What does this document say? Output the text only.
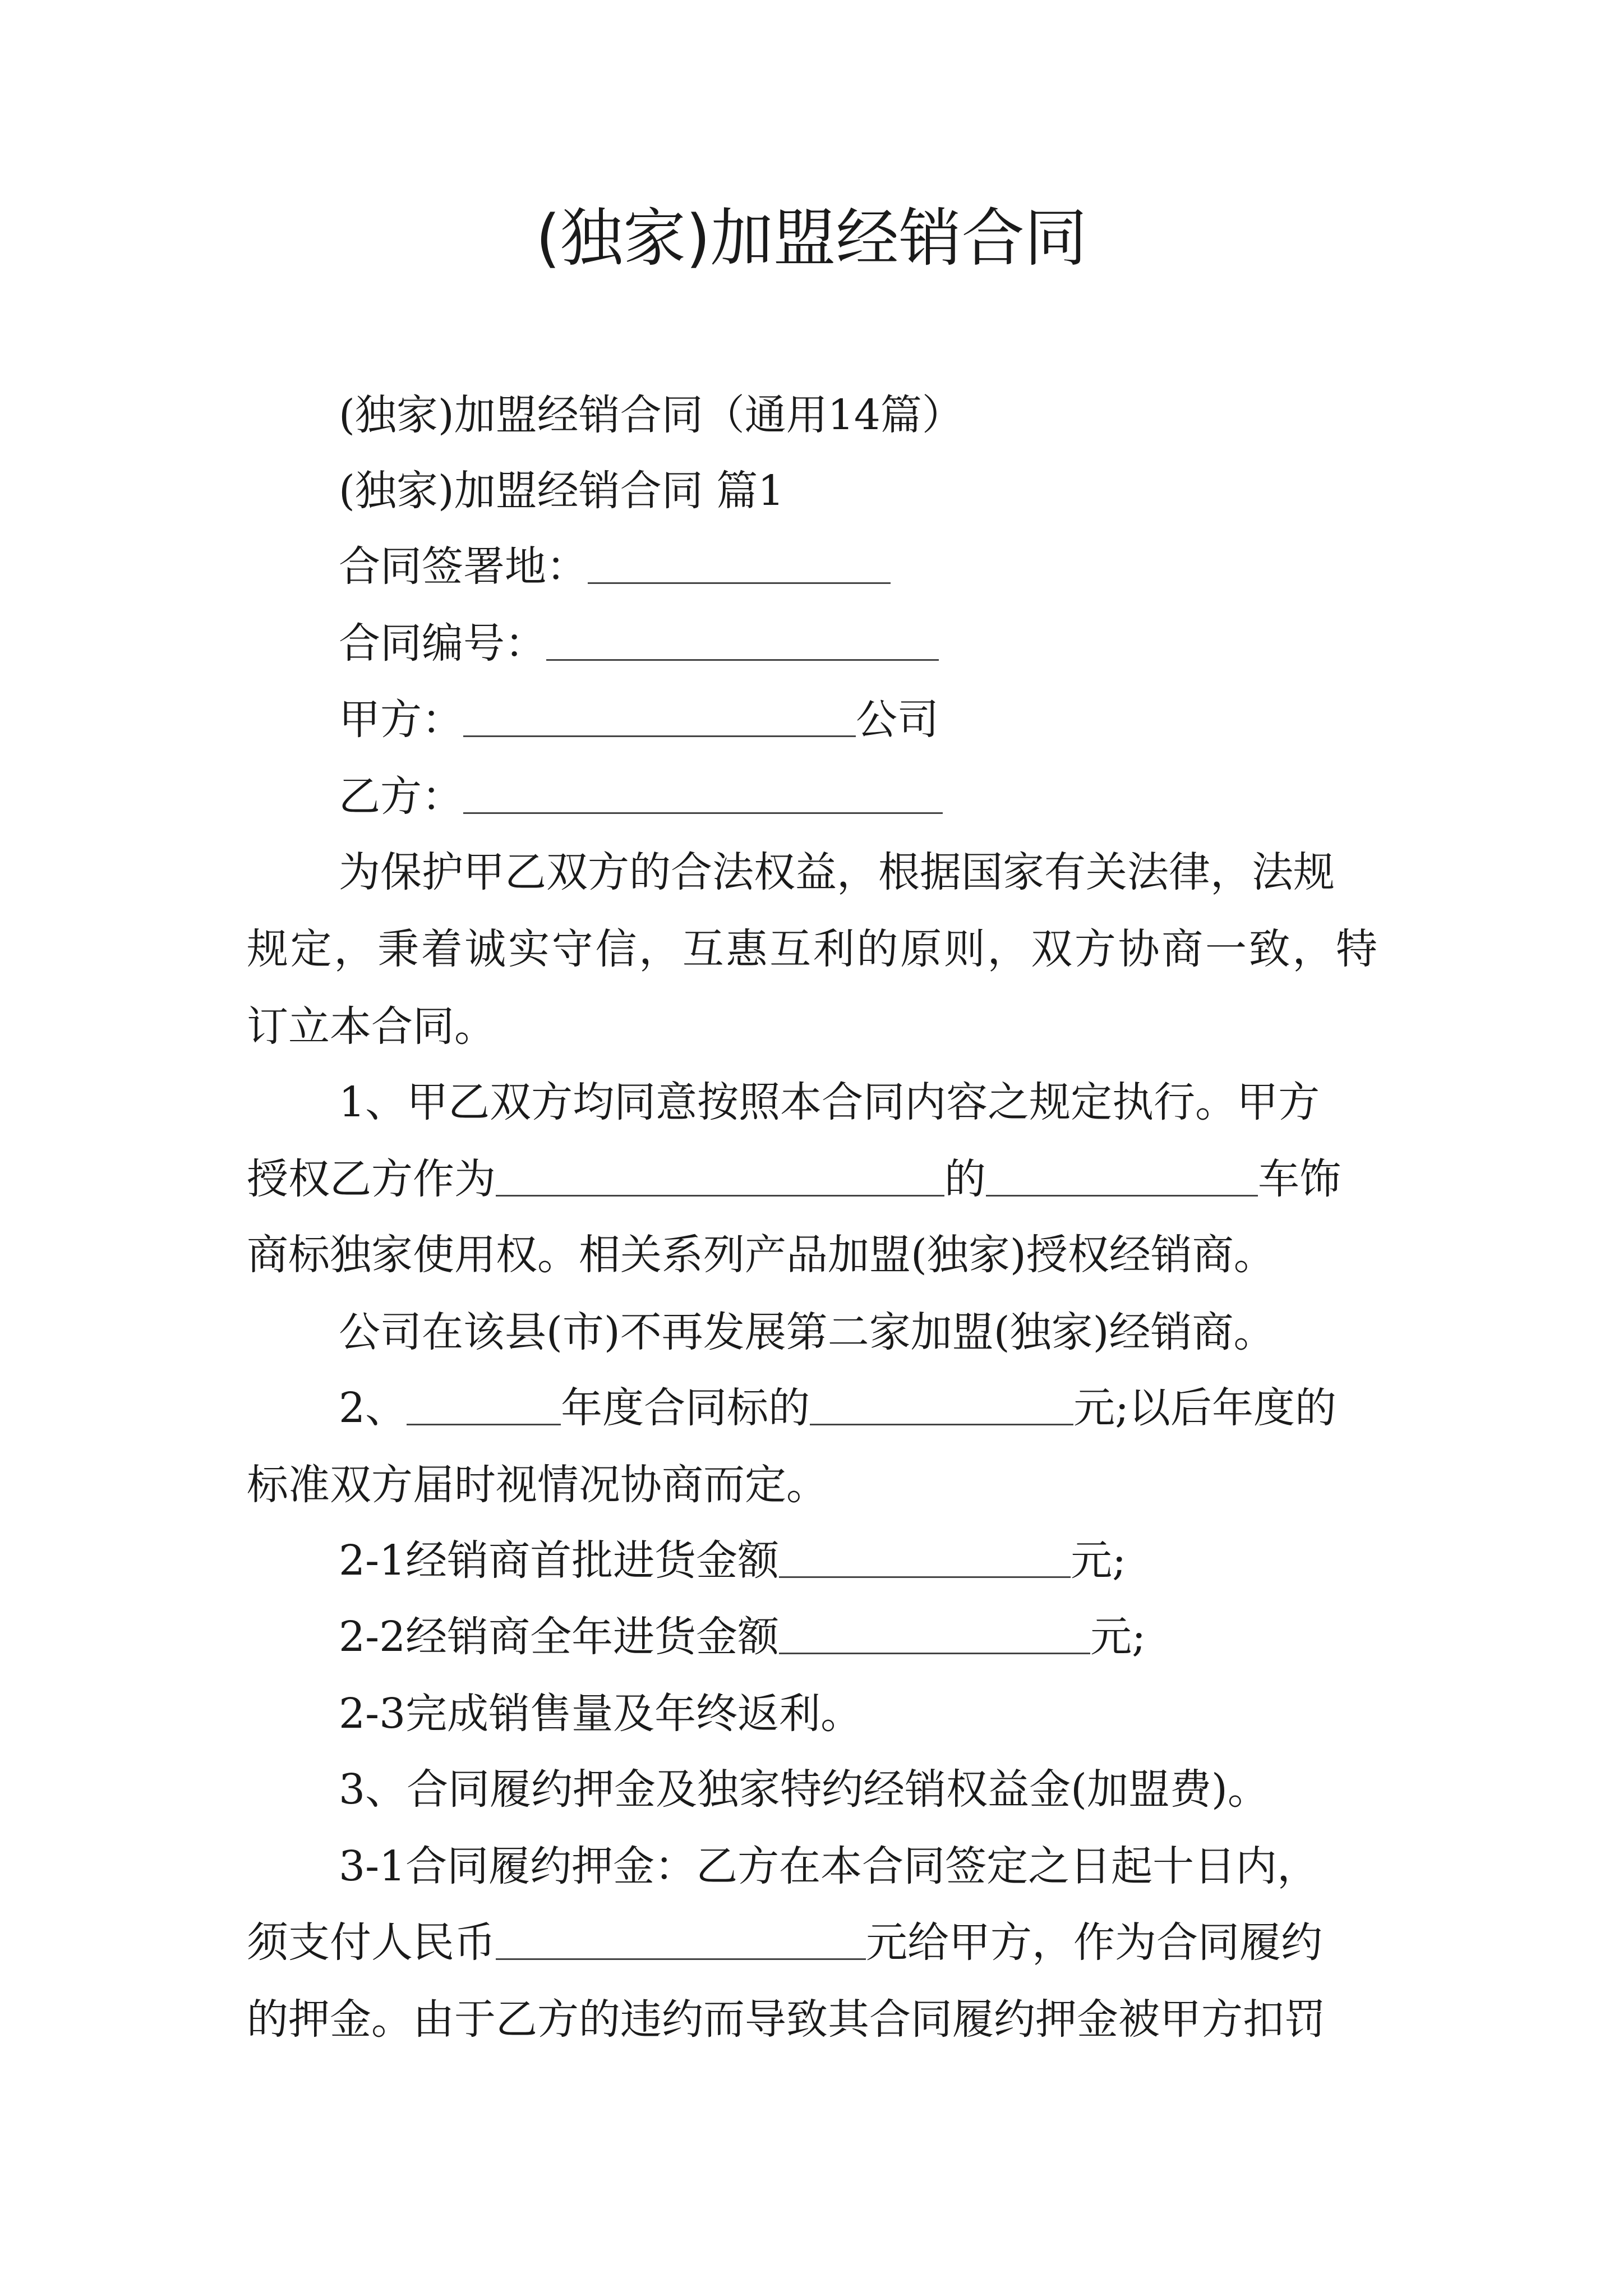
(独家)加盟经销合同
(独家)加盟经销合同（通用14篇）
(独家)加盟经销合同 篇1
合同签署地：
合同编号：
甲方：	公司
乙方：
为保护甲乙双方的合法权益，根据国家有关法律，法规
规定，秉着诚实守信，互惠互利的原则，双方协商一致，特
订立本合同。
1、甲乙双方均同意按照本合同内容之规定执行。甲方
授权乙方作为	的	车饰
商标独家使用权。相关系列产品加盟(独家)授权经销商。
公司在该县(市)不再发展第二家加盟(独家)经销商。
2、	年度合同标的	元;以后年度的
标准双方届时视情况协商而定。
2-1经销商首批进货金额	元;
2-2经销商全年进货金额	元;
2-3完成销售量及年终返利。
3、合同履约押金及独家特约经销权益金(加盟费)。
3-1合同履约押金：乙方在本合同签定之日起十日内，
须支付人民币	元给甲方，作为合同履约
的押金。由于乙方的违约而导致其合同履约押金被甲方扣罚
